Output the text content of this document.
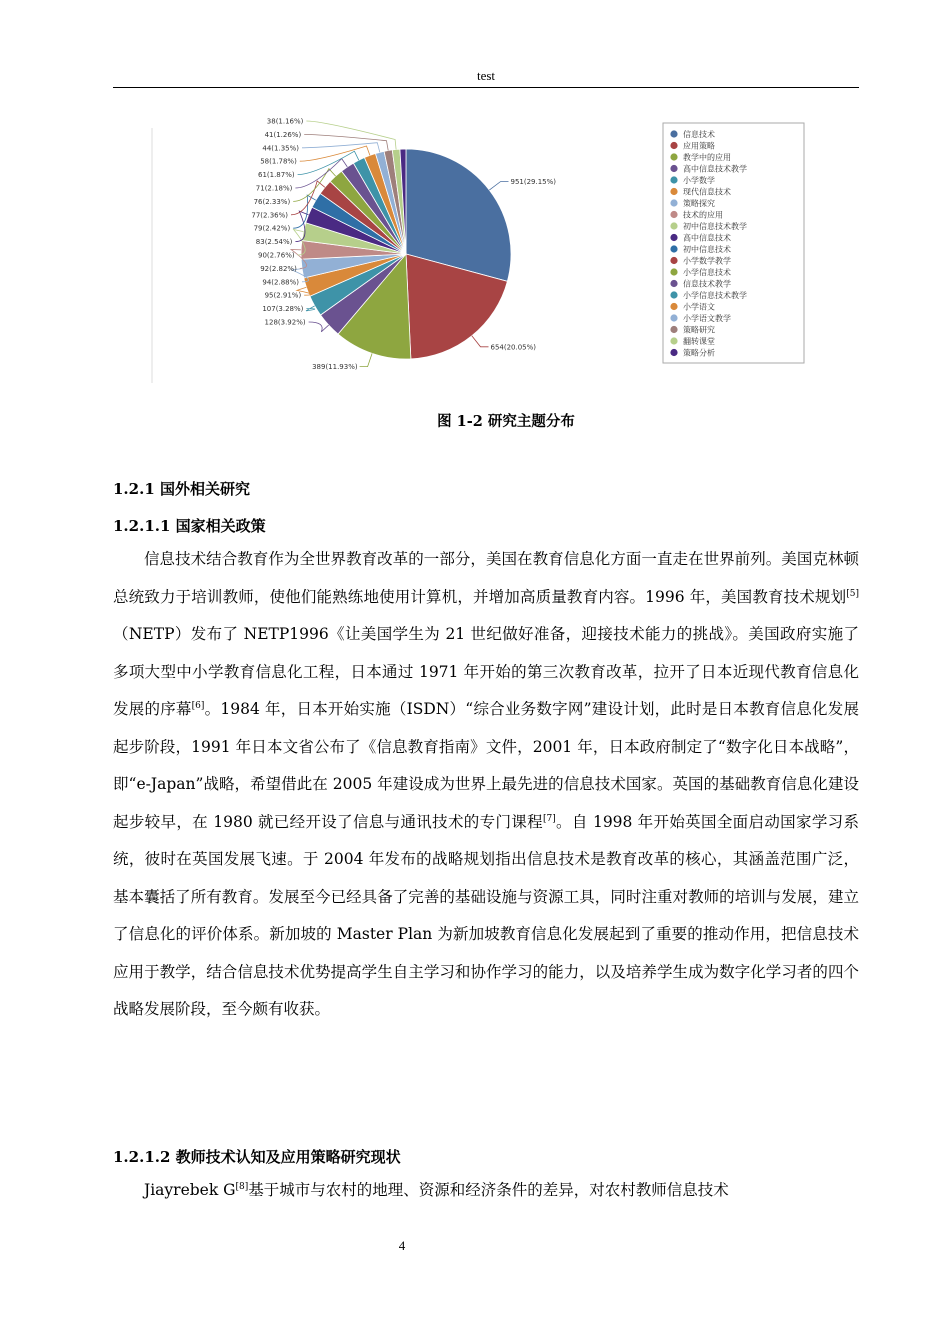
test
951(29.15%)
654(20.05%)
389(11.93%)
128(3.92%)
107(3.28%)
95(2.91%)
94(2.88%)
92(2.82%)
90(2.76%)
83(2.54%)
79(2.42%)
77(2.36%)
76(2.33%)
71(2.18%)
61(1.87%)
58(1.78%)
44(1.35%)
41(1.26%)
38(1.16%)
信息技术
应用策略
教学中的应用
高中信息技术教学
小学数学
现代信息技术
策略探究
技术的应用
初中信息技术教学
高中信息技术
初中信息技术
小学数学教学
小学信息技术
信息技术教学
小学信息技术教学
小学语文
小学语文教学
策略研究
翻转课堂
策略分析
图 1-2 研究主题分布
1.2.1 国外相关研究
1.2.1.1 国家相关政策

信息技术结合教育作为全世界教育改革的一部分，美国在教育信息化方面一直走在世界前列。美国克林顿总统致力于培训教师，使他们能熟练地使用计算机，并增加高质量教育内容。1996 年，美国教育技术规划[5]（NETP）发布了 NETP1996《让美国学生为 21 世纪做好准备，迎接技术能力的挑战》。美国政府实施了多项大型中小学教育信息化工程，日本通过 1971 年开始的第三次教育改革，拉开了日本近现代教育信息化发展的序幕[6]。1984 年，日本开始实施（ISDN）“综合业务数字网”建设计划，此时是日本教育信息化发展起步阶段，1991 年日本文省公布了《信息教育指南》文件，2001 年，日本政府制定了“数字化日本战略”，即“e-Japan”战略，希望借此在 2005 年建设成为世界上最先进的信息技术国家。英国的基础教育信息化建设起步较早，在 1980 就已经开设了信息与通讯技术的专门课程[7]。自 1998 年开始英国全面启动国家学习系统，彼时在英国发展飞速。于 2004 年发布的战略规划指出信息技术是教育改革的核心，其涵盖范围广泛，基本囊括了所有教育。发展至今已经具备了完善的基础设施与资源工具，同时注重对教师的培训与发展，建立了信息化的评价体系。新加坡的 Master Plan 为新加坡教育信息化发展起到了重要的推动作用，把信息技术应用于教学，结合信息技术优势提高学生自主学习和协作学习的能力，以及培养学生成为数字化学习者的四个战略发展阶段，至今颇有收获。

1.2.1.2 教师技术认知及应用策略研究现状

Jiayrebek G[8]基于城市与农村的地理、资源和经济条件的差异，对农村教师信息技术

4
